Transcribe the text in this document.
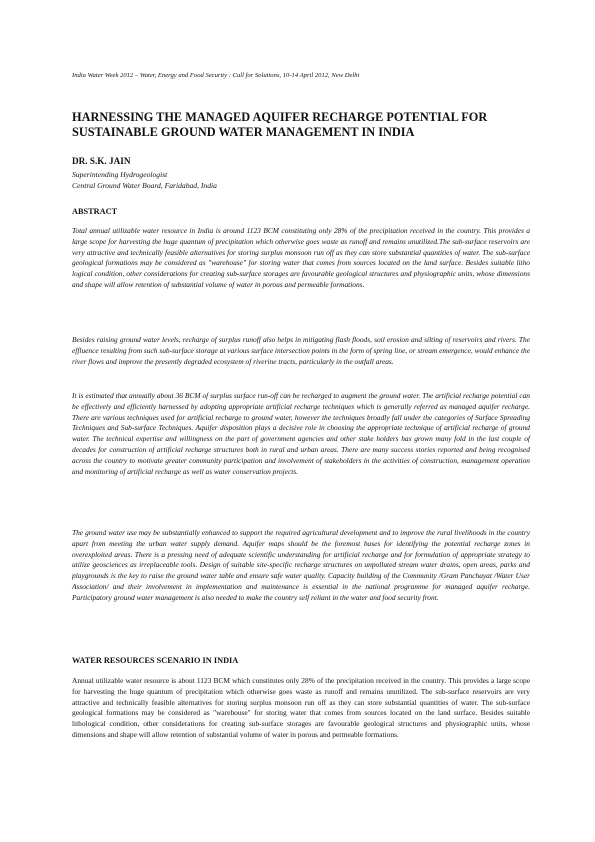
India Water Week 2012 – Water, Energy and Food Security : Call for Solutions, 10-14 April 2012, New Delhi
HARNESSING THE MANAGED AQUIFER RECHARGE POTENTIAL FOR SUSTAINABLE GROUND WATER MANAGEMENT IN INDIA
DR. S.K. JAIN
Superintending Hydrogeologist
Central Ground Water Board, Faridabad, India
ABSTRACT

Total annual utilizable water resource in India is around 1123 BCM constituting only 28% of the precipitation received in the country. This provides a large scope for harvesting the huge quantum of precipitation which otherwise goes waste as runoff and remains unutilized.The sub-surface reservoirs are very attractive and technically feasible alternatives for storing surplus monsoon run off as they can store substantial quantities of water. The sub-surface geological formations may be considered as "warehouse" for storing water that comes from sources located on the land surface. Besides suitable litho logical condition, other considerations for creating sub-surface storages are favourable geological structures and physiographic units, whose dimensions and shape will allow retention of substantial volume of water in porous and permeable formations.

Besides raising ground water levels, recharge of surplus runoff also helps in mitigating flash floods, soil erosion and silting of reservoirs and rivers. The effluence resulting from such sub-surface storage at various surface intersection points in the form of spring line, or stream emergence, would enhance the river flows and improve the presently degraded ecosystem of riverine tracts, particularly in the outfall areas.

It is estimated that annually about 36 BCM of surplus surface run-off can be recharged to augment the ground water. The artificial recharge potential can be effectively and efficiently harnessed by adopting appropriate artificial recharge techniques which is generally referred as managed aquifer recharge. There are various techniques used for artificial recharge to ground water, however the techniques broadly fall under the categories of Surface Spreading Techniques and Sub-surface Techniques. Aquifer disposition plays a decisive role in choosing the appropriate technique of artificial recharge of ground water. The technical expertise and willingness on the part of government agencies and other stake holders has grown many fold in the last couple of decades for construction of artificial recharge structures both in rural and urban areas. There are many success stories reported and being recognised across the country to motivate greater community participation and involvement of stakeholders in the activities of construction, management operation and monitoring of artificial recharge as well as water conservation projects.

The ground water use may be substantially enhanced to support the required agricultural development and to improve the rural livelihoods in the country apart from meeting the urban water supply demand. Aquifer maps should be the foremost bases for identifying the potential recharge zones in overexploited areas. There is a pressing need of adequate scientific understanding for artificial recharge and for formulation of appropriate strategy to utilize geosciences as irreplaceable tools. Design of suitable site-specific recharge structures on unpolluted stream water drains, open areas, parks and playgrounds is the key to raise the ground water table and ensure safe water quality. Capacity building of the Community /Gram Panchayat /Water User Association/ and their involvement in implementation and maintenance is essential in the national programme for managed aquifer recharge. Participatory ground water management is also needed to make the country self reliant in the water and food security front.

WATER RESOURCES SCENARIO IN INDIA

Annual utilizable water resource is about 1123 BCM which constitutes only 28% of the precipitation received in the country. This provides a large scope for harvesting the huge quantum of precipitation which otherwise goes waste as runoff and remains unutilized. The sub-surface reservoirs are very attractive and technically feasible alternatives for storing surplus monsoon run off as they can store substantial quantities of water. The sub-surface geological formations may be considered as "warehouse" for storing water that comes from sources located on the land surface. Besides suitable lithological condition, other considerations for creating sub-surface storages are favourable geological structures and physiographic units, whose dimensions and shape will allow retention of substantial volume of water in porous and permeable formations.
